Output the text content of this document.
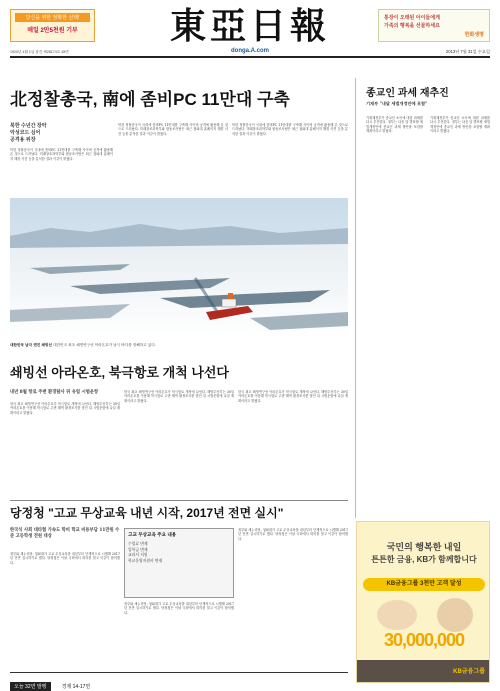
당신을 위한 정확한 선택!
매일 2만5천원 기부	東亞日報	통장이 오래된 아이들에게
가족의 행복을 선물하세요
한화생명
1920년 4월 1일 창간 제28174호 45면	donga.A.com	2013년 7월 31일 수요일
北정찰총국, 南에 좀비PC 11만대 구축
북한 수년간 장악
악성코드 심어
공격용 위장
북한 정찰총국이 국내에 좀비PC 11만대를 구축해 사이버 공격에 활용해 온 것으로 드러났다. 미래창조과학부와 합동조사팀은 최근 청와대 홈페이지 해킹 사건 등을 분석한 결과 이같이 밝혔다.
북한 정찰총국이 국내에 좀비PC 11만대를 구축해 사이버 공격에 활용해 온 것으로 드러났다. 미래창조과학부와 합동조사팀은 최근 청와대 홈페이지 해킹 사건 등을 분석한 결과 이같이 밝혔다.
북한 정찰총국이 국내에 좀비PC 11만대를 구축해 사이버 공격에 활용해 온 것으로 드러났다. 미래창조과학부와 합동조사팀은 최근 청와대 홈페이지 해킹 사건 등을 분석한 결과 이같이 밝혔다.
종교인 과세 재추진
기재부 "내달 세법개정안에 포함"
기획재정부가 종교인 소득에 대한 과세를 다시 추진한다. 정부는 다음 달 발표할 세법개정안에 종교인 과세 방안을 포함할 계획이라고 밝혔다.
기획재정부가 종교인 소득에 대한 과세를 다시 추진한다. 정부는 다음 달 발표할 세법개정안에 종교인 과세 방안을 포함할 계획이라고 밝혔다.
대한민국 남극 엔진 쇄빙선 대한민국 최초 쇄빙연구선 아라온호가 남극 바다를 항해하고 있다.
쇄빙선 아라온호, 북극항로 개척 나선다
내년 8월 항로 주변 환경탐사 뒤 유럽 시범운항
한국 최초 쇄빙연구선 아라온호가 북극항로 개척에 나선다. 해양수산부는 30일 아라온호를 이용해 북극항로 주변 해역 환경조사를 벌인 뒤 시범운항에 나설 계획이라고 밝혔다.
한국 최초 쇄빙연구선 아라온호가 북극항로 개척에 나선다. 해양수산부는 30일 아라온호를 이용해 북극항로 주변 해역 환경조사를 벌인 뒤 시범운항에 나설 계획이라고 밝혔다.
한국 최초 쇄빙연구선 아라온호가 북극항로 개척에 나선다. 해양수산부는 30일 아라온호를 이용해 북극항로 주변 해역 환경조사를 벌인 뒤 시범운항에 나설 계획이라고 밝혔다.
당정청 "고교 무상교육 내년 시작, 2017년 전면 실시"
한국식 사회 대타협 가속도 학비 학교 비용부담 11만원 수준 고등학생 전원 대상
정부와 새누리당, 청와대가 고교 무상교육을 내년부터 단계적으로 시행해 2017년 전면 실시하기로 했다. 당정청은 이날 국회에서 회의를 열고 이같이 합의했다.
고교 무상교육 주요 내용
수업료 면제
입학금 면제
교과서 지원
학교운영지원비 면제
정부와 새누리당, 청와대가 고교 무상교육을 내년부터 단계적으로 시행해 2017년 전면 실시하기로 했다. 당정청은 이날 국회에서 회의를 열고 이같이 합의했다.
정부와 새누리당, 청와대가 고교 무상교육을 내년부터 단계적으로 시행해 2017년 전면 실시하기로 했다. 당정청은 이날 국회에서 회의를 열고 이같이 합의했다.
국민의 행복한 내일
튼튼한 금융, KB가 함께합니다
KB금융그룹 3천만 고객 달성
30,000,000
KB금융그룹
오늘 32면 발행	경제 14-17면
